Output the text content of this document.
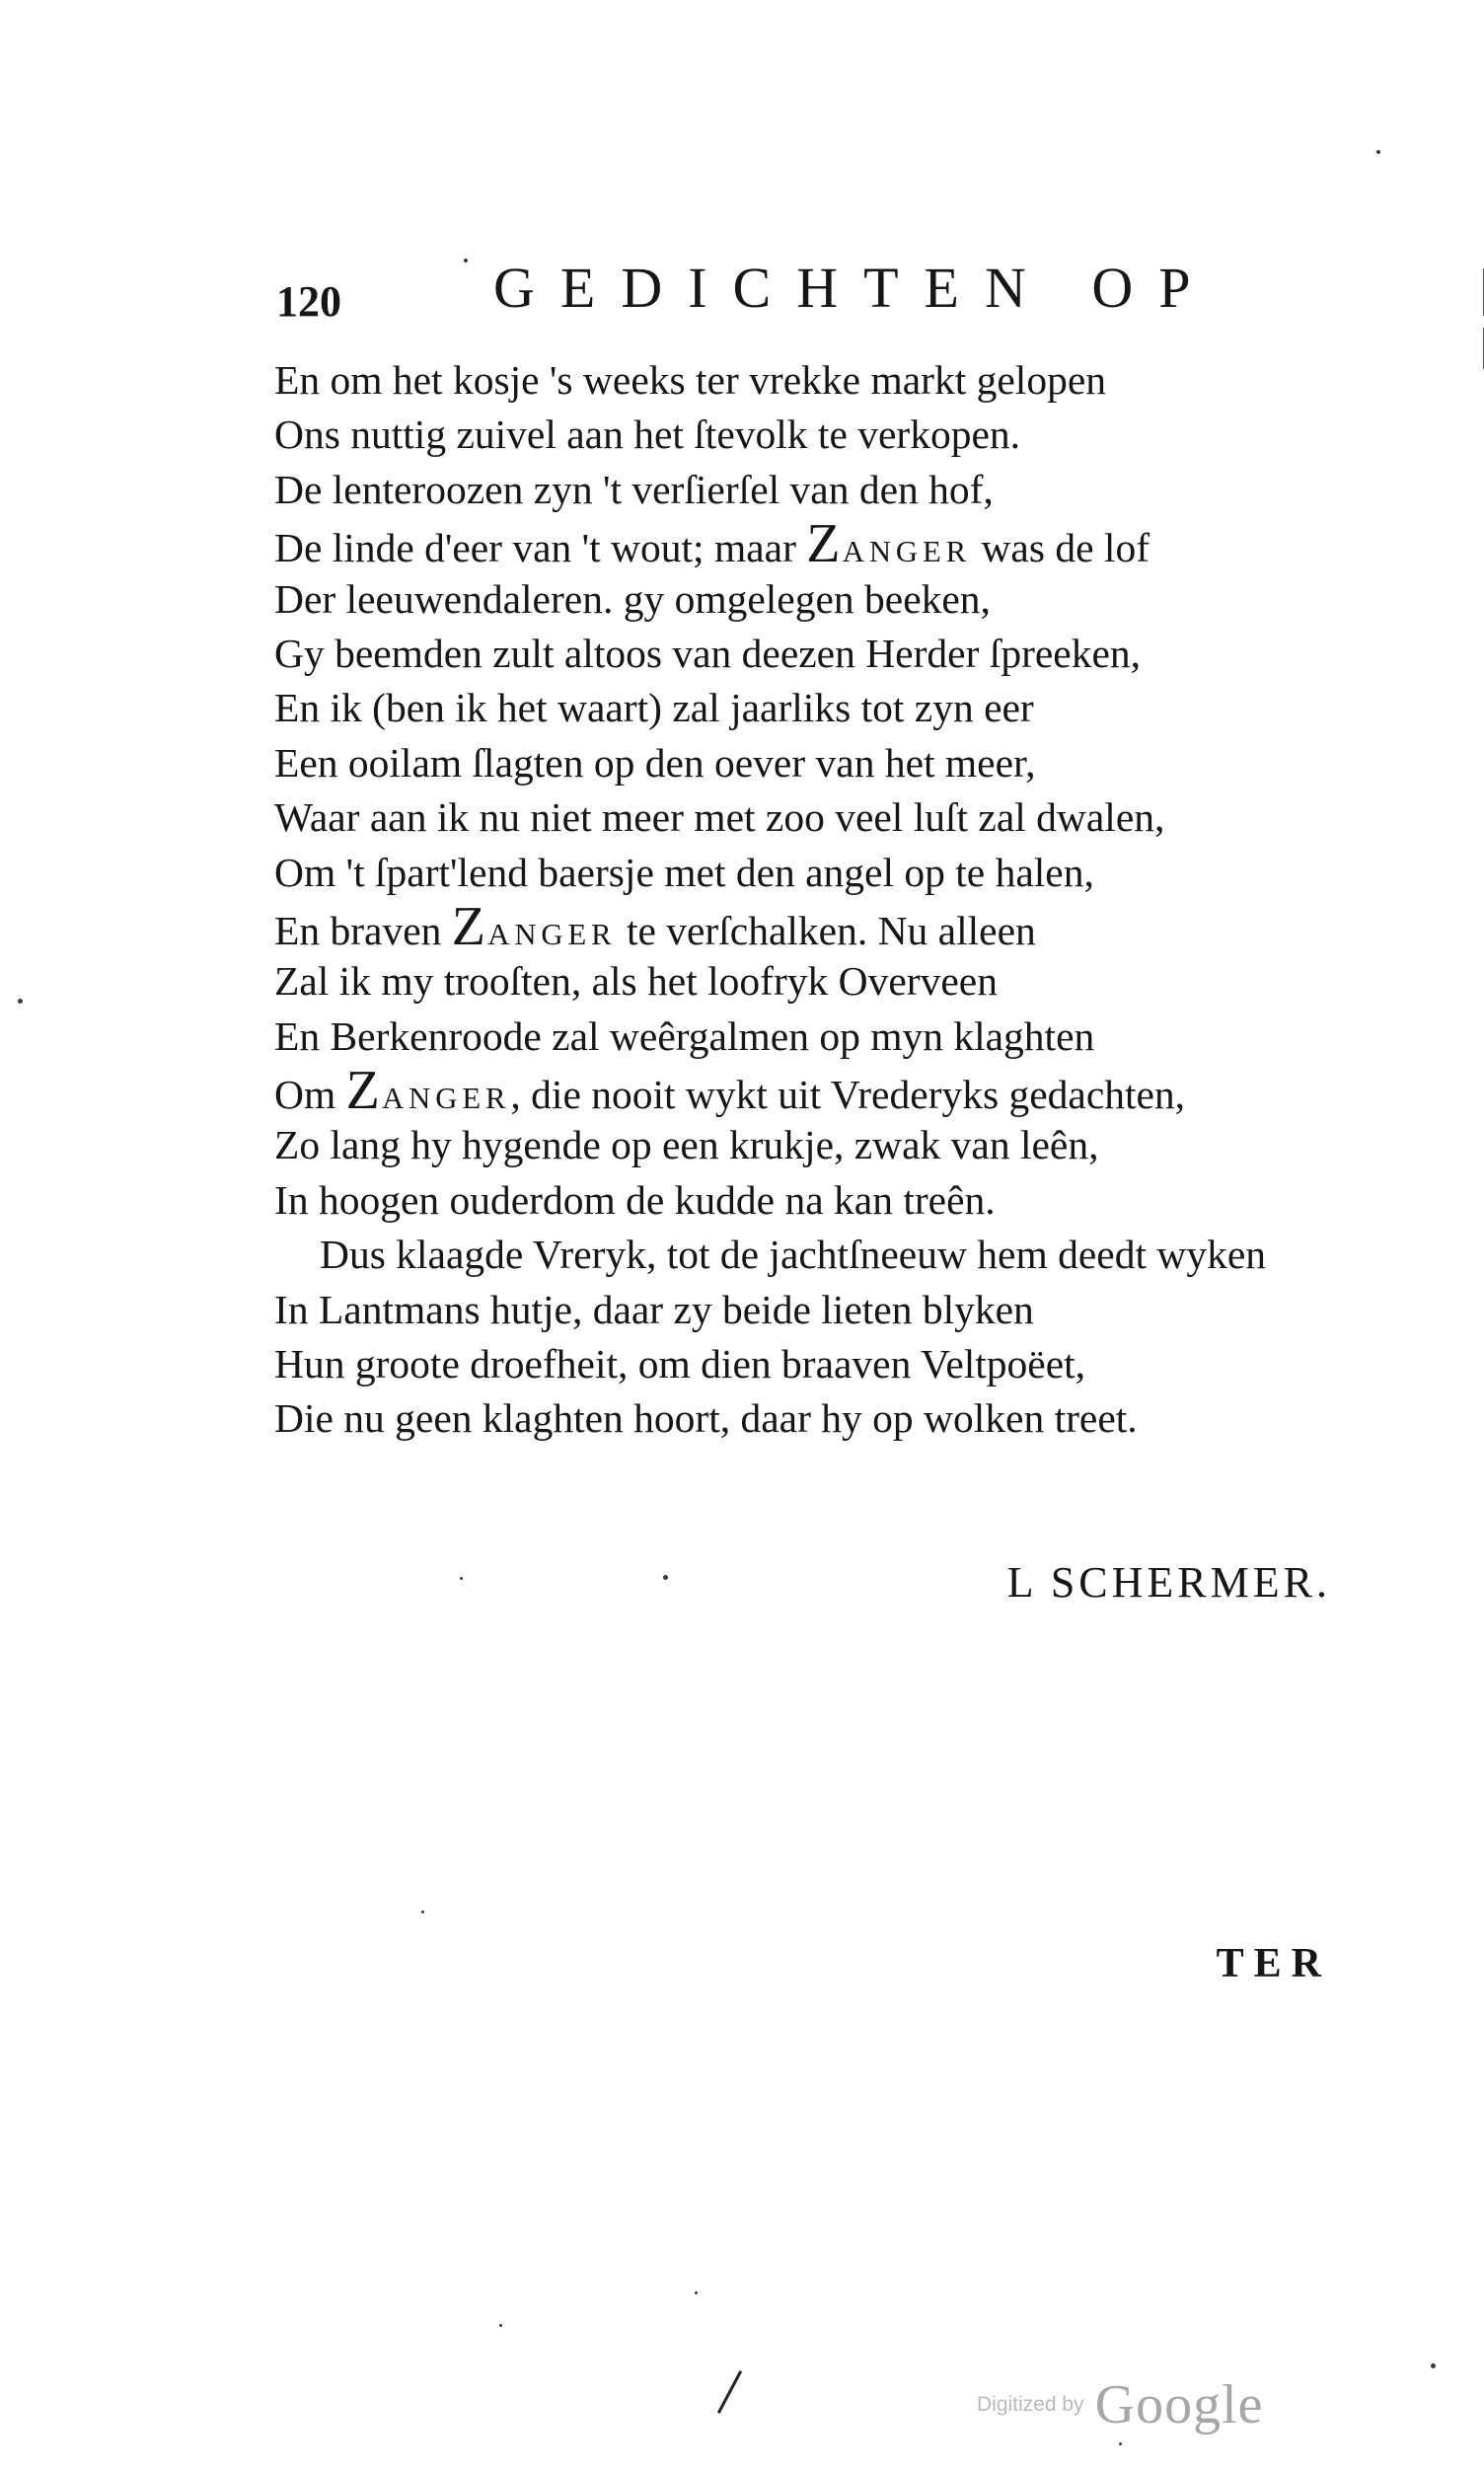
120	GEDICHTEN OP
En om het kosje 's weeks ter vrekke markt gelopen
Ons nuttig zuivel aan het ſtevolk te verkopen.
De lenteroozen zyn 't verſierſel van den hof,
De linde d'eer van 't wout; maar ZANGER was de lof
Der leeuwendaleren. gy omgelegen beeken,
Gy beemden zult altoos van deezen Herder ſpreeken,
En ik (ben ik het waart) zal jaarliks tot zyn eer
Een ooilam ſlagten op den oever van het meer,
Waar aan ik nu niet meer met zoo veel luſt zal dwalen,
Om 't ſpart'lend baersje met den angel op te halen,
En braven ZANGER te verſchalken. Nu alleen
Zal ik my trooſten, als het loofryk Overveen
En Berkenroode zal weêrgalmen op myn klaghten
Om ZANGER, die nooit wykt uit Vrederyks gedachten,
Zo lang hy hygende op een krukje, zwak van leên,
In hoogen ouderdom de kudde na kan treên.
Dus klaagde Vreryk, tot de jachtſneeuw hem deedt wyken
In Lantmans hutje, daar zy beide lieten blyken
Hun groote droefheit, om dien braaven Veltpoëet,
Die nu geen klaghten hoort, daar hy op wolken treet.
L SCHERMER.
TER
Digitized by Google
